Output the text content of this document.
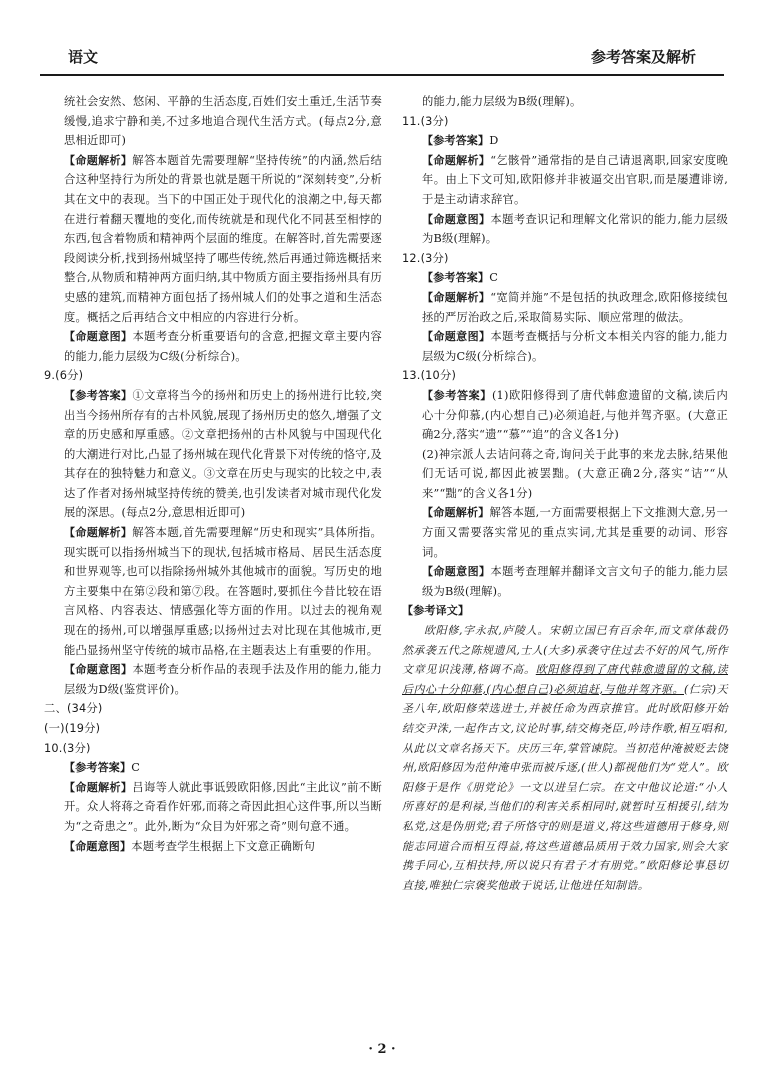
语文	参考答案及解析

统社会安然、悠闲、平静的生活态度,百姓们安土重迁,生活节奏缓慢,追求宁静和美,不过多地追合现代生活方式。(每点2分,意思相近即可)

【命题解析】解答本题首先需要理解“坚持传统”的内涵,然后结合这种坚持行为所处的背景也就是题干所说的“深刻转变”,分析其在文中的表现。当下的中国正处于现代化的浪潮之中,每天都在进行着翻天覆地的变化,而传统就是和现代化不同甚至相悖的东西,包含着物质和精神两个层面的维度。在解答时,首先需要逐段阅读分析,找到扬州城坚持了哪些传统,然后再通过筛选概括来整合,从物质和精神两方面归纳,其中物质方面主要指扬州具有历史感的建筑,而精神方面包括了扬州城人们的处事之道和生活态度。概括之后再结合文中相应的内容进行分析。

【命题意图】本题考查分析重要语句的含意,把握文章主要内容的能力,能力层级为C级(分析综合)。

9.(6分)

【参考答案】①文章将当今的扬州和历史上的扬州进行比较,突出当今扬州所存有的古朴风貌,展现了扬州历史的悠久,增强了文章的历史感和厚重感。②文章把扬州的古朴风貌与中国现代化的大潮进行对比,凸显了扬州城在现代化背景下对传统的恪守,及其存在的独特魅力和意义。③文章在历史与现实的比较之中,表达了作者对扬州城坚持传统的赞美,也引发读者对城市现代化发展的深思。(每点2分,意思相近即可)

【命题解析】解答本题,首先需要理解“历史和现实”具体所指。现实既可以指扬州城当下的现状,包括城市格局、居民生活态度和世界观等,也可以指除扬州城外其他城市的面貌。写历史的地方主要集中在第②段和第⑦段。在答题时,要抓住今昔比较在语言风格、内容表达、情感强化等方面的作用。以过去的视角观现在的扬州,可以增强厚重感;以扬州过去对比现在其他城市,更能凸显扬州坚守传统的城市品格,在主题表达上有重要的作用。

【命题意图】本题考查分析作品的表现手法及作用的能力,能力层级为D级(鉴赏评价)。

二、(34分)

(一)(19分)

10.(3分)

【参考答案】C

【命题解析】吕诲等人就此事诋毁欧阳修,因此“主此议”前不断开。众人将蒋之奇看作奸邪,而蒋之奇因此担心这件事,所以当断为“之奇患之”。此外,断为“众目为奸邪之奇”则句意不通。

【命题意图】本题考查学生根据上下文意正确断句

的能力,能力层级为B级(理解)。

11.(3分)

【参考答案】D

【命题解析】“乞骸骨”通常指的是自己请退离职,回家安度晚年。由上下文可知,欧阳修并非被逼交出官职,而是屡遭诽谤,于是主动请求辞官。

【命题意图】本题考查识记和理解文化常识的能力,能力层级为B级(理解)。

12.(3分)

【参考答案】C

【命题解析】“宽简并施”不是包括的执政理念,欧阳修接续包拯的严厉治政之后,采取简易实际、顺应常理的做法。

【命题意图】本题考查概括与分析文本相关内容的能力,能力层级为C级(分析综合)。

13.(10分)

【参考答案】(1)欧阳修得到了唐代韩愈遗留的文稿,读后内心十分仰慕,(内心想自己)必须追赶,与他并驾齐驱。(大意正确2分,落实“遗”“慕”“追”的含义各1分)

(2)神宗派人去诘问蒋之奇,询问关于此事的来龙去脉,结果他们无话可说,都因此被罢黜。(大意正确2分,落实“诘”“从来”“黜”的含义各1分)

【命题解析】解答本题,一方面需要根据上下文推测大意,另一方面又需要落实常见的重点实词,尤其是重要的动词、形容词。

【命题意图】本题考查理解并翻译文言文句子的能力,能力层级为B级(理解)。

【参考译文】

欧阳修,字永叔,庐陵人。宋朝立国已有百余年,而文章体裁仍然承袭五代之陈规遗风,士人(大多)承袭守住过去不好的风气,所作文章见识浅薄,格调不高。欧阳修得到了唐代韩愈遗留的文稿,读后内心十分仰慕,(内心想自己)必须追赶,与他并驾齐驱。(仁宗)天圣八年,欧阳修荣选进士,并被任命为西京推官。此时欧阳修开始结交尹洙,一起作古文,议论时事,结交梅尧臣,吟诗作歌,相互唱和,从此以文章名扬天下。庆历三年,掌管谏院。当初范仲淹被贬去饶州,欧阳修因为范仲淹申张而被斥逐,(世人)都视他们为“党人”。欧阳修于是作《朋党论》一文以进呈仁宗。在文中他议论道:“小人所喜好的是利禄,当他们的利害关系相同时,就暂时互相援引,结为私党,这是伪朋党;君子所恪守的则是道义,将这些道德用于修身,则能志同道合而相互得益,将这些道德品质用于效力国家,则会大家携手同心,互相扶持,所以说只有君子才有朋党。”欧阳修论事恳切直接,唯独仁宗褒奖他敢于说话,让他进任知制诰。

· 2 ·
